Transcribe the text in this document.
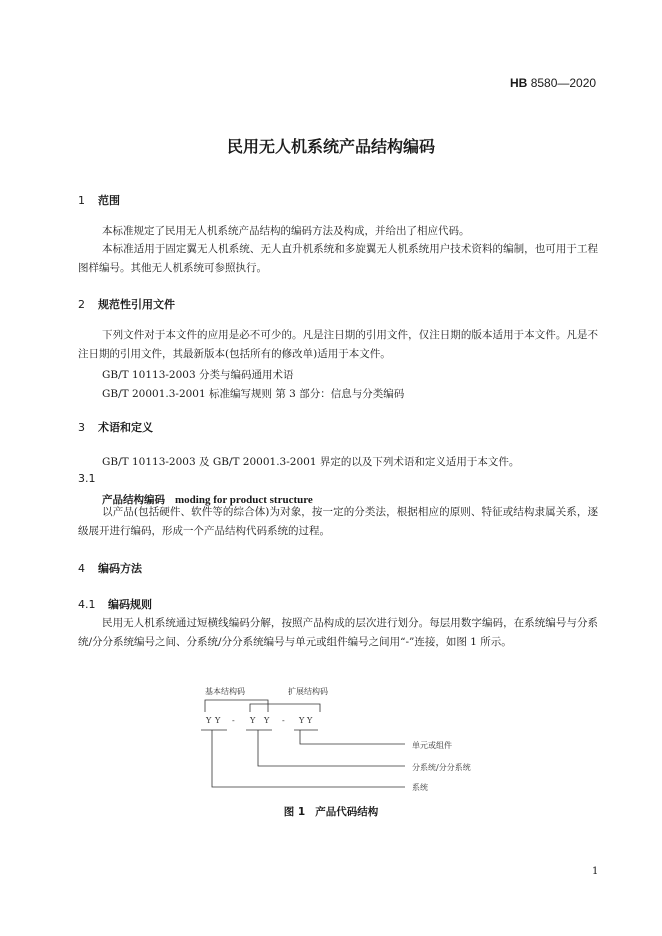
HB 8580—2020
民用无人机系统产品结构编码
1 范围
本标准规定了民用无人机系统产品结构的编码方法及构成，并给出了相应代码。
本标准适用于固定翼无人机系统、无人直升机系统和多旋翼无人机系统用户技术资料的编制，也可用于工程图样编号。其他无人机系统可参照执行。
2 规范性引用文件
下列文件对于本文件的应用是必不可少的。凡是注日期的引用文件，仅注日期的版本适用于本文件。凡是不注日期的引用文件，其最新版本(包括所有的修改单)适用于本文件。
GB/T 10113-2003 分类与编码通用术语
GB/T 20001.3-2001 标准编写规则 第 3 部分：信息与分类编码
3 术语和定义
GB/T 10113-2003 及 GB/T 20001.3-2001 界定的以及下列术语和定义适用于本文件。
3.1
产品结构编码 moding for product structure
以产品(包括硬件、软件等的综合体)为对象，按一定的分类法，根据相应的原则、特征或结构隶属关系，逐级展开进行编码，形成一个产品结构代码系统的过程。
4 编码方法
4.1 编码规则
民用无人机系统通过短横线编码分解，按照产品构成的层次进行划分。每层用数字编码，在系统编号与分系统/分分系统编号之间、分系统/分分系统编号与单元或组件编号之间用“-”连接，如图 1 所示。
基本结构码	扩展结构码
Y Y - Y Y - Y Y
单元或组件
分系统/分分系统
系统
图 1 产品代码结构
1
